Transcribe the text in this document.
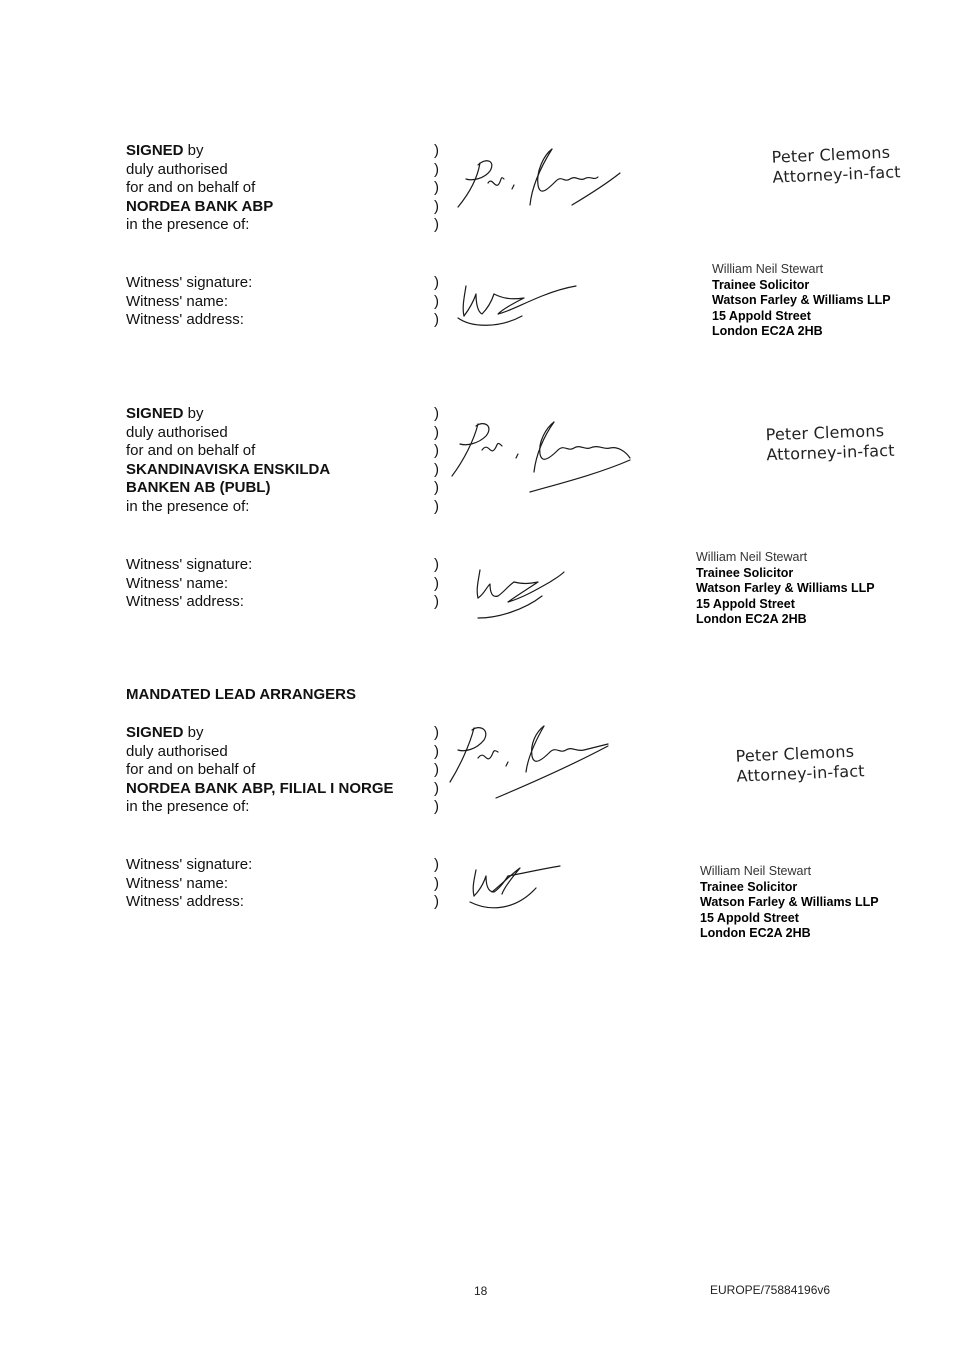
SIGNED by
duly authorised
for and on behalf of
NORDEA BANK ABP
in the presence of:
)
)
)
)
)
Peter Clemons
Attorney-in-fact
Witness' signature:
Witness' name:
Witness' address:
)
)
)
William Neil Stewart
Trainee Solicitor
Watson Farley & Williams LLP
15 Appold Street
London EC2A 2HB
SIGNED by
duly authorised
for and on behalf of
SKANDINAVISKA ENSKILDA
BANKEN AB (PUBL)
in the presence of:
)
)
)
)
)
)
Peter Clemons
Attorney-in-fact
Witness' signature:
Witness' name:
Witness' address:
)
)
)
William Neil Stewart
Trainee Solicitor
Watson Farley & Williams LLP
15 Appold Street
London EC2A 2HB
MANDATED LEAD ARRANGERS
SIGNED by
duly authorised
for and on behalf of
NORDEA BANK ABP, FILIAL I NORGE
in the presence of:
)
)
)
)
)
Peter Clemons
Attorney-in-fact
Witness' signature:
Witness' name:
Witness' address:
)
)
)
William Neil Stewart
Trainee Solicitor
Watson Farley & Williams LLP
15 Appold Street
London EC2A 2HB
18	EUROPE/75884196v6
